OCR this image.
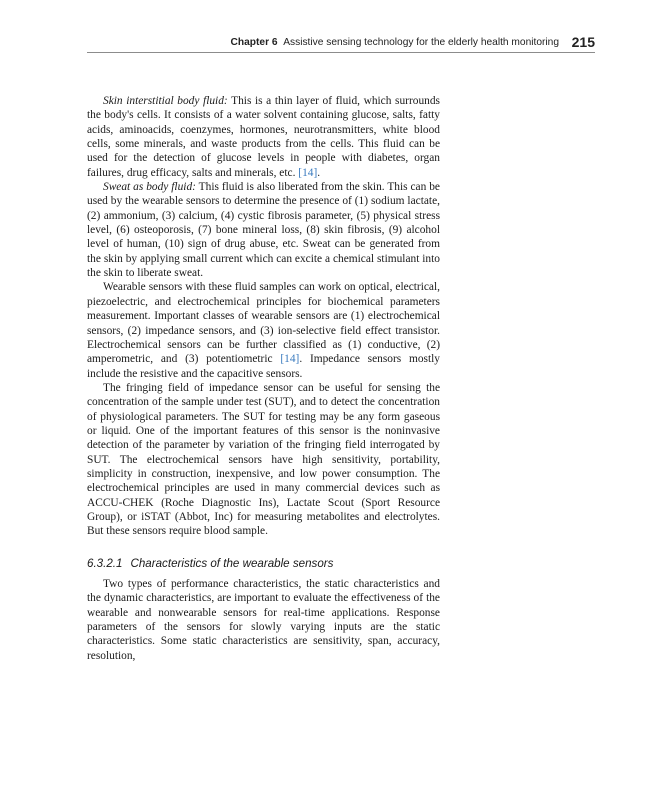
Chapter 6 Assistive sensing technology for the elderly health monitoring 215

Skin interstitial body fluid: This is a thin layer of fluid, which surrounds the body's cells. It consists of a water solvent containing glucose, salts, fatty acids, aminoacids, coenzymes, hormones, neurotransmitters, white blood cells, some minerals, and waste products from the cells. This fluid can be used for the detection of glucose levels in people with diabetes, organ failures, drug efficacy, salts and minerals, etc. [14].

Sweat as body fluid: This fluid is also liberated from the skin. This can be used by the wearable sensors to determine the presence of (1) sodium lactate, (2) ammonium, (3) calcium, (4) cystic fibrosis parameter, (5) physical stress level, (6) osteoporosis, (7) bone mineral loss, (8) skin fibrosis, (9) alcohol level of human, (10) sign of drug abuse, etc. Sweat can be generated from the skin by applying small current which can excite a chemical stimulant into the skin to liberate sweat.

Wearable sensors with these fluid samples can work on optical, electrical, piezoelectric, and electrochemical principles for biochemical parameters measurement. Important classes of wearable sensors are (1) electrochemical sensors, (2) impedance sensors, and (3) ion-selective field effect transistor. Electrochemical sensors can be further classified as (1) conductive, (2) amperometric, and (3) potentiometric [14]. Impedance sensors mostly include the resistive and the capacitive sensors.

The fringing field of impedance sensor can be useful for sensing the concentration of the sample under test (SUT), and to detect the concentration of physiological parameters. The SUT for testing may be any form gaseous or liquid. One of the important features of this sensor is the noninvasive detection of the parameter by variation of the fringing field interrogated by SUT. The electrochemical sensors have high sensitivity, portability, simplicity in construction, inexpensive, and low power consumption. The electrochemical principles are used in many commercial devices such as ACCU-CHEK (Roche Diagnostic Ins), Lactate Scout (Sport Resource Group), or iSTAT (Abbot, Inc) for measuring metabolites and electrolytes. But these sensors require blood sample.

6.3.2.1 Characteristics of the wearable sensors

Two types of performance characteristics, the static characteristics and the dynamic characteristics, are important to evaluate the effectiveness of the wearable and nonwearable sensors for real-time applications. Response parameters of the sensors for slowly varying inputs are the static characteristics. Some static characteristics are sensitivity, span, accuracy, resolution,
